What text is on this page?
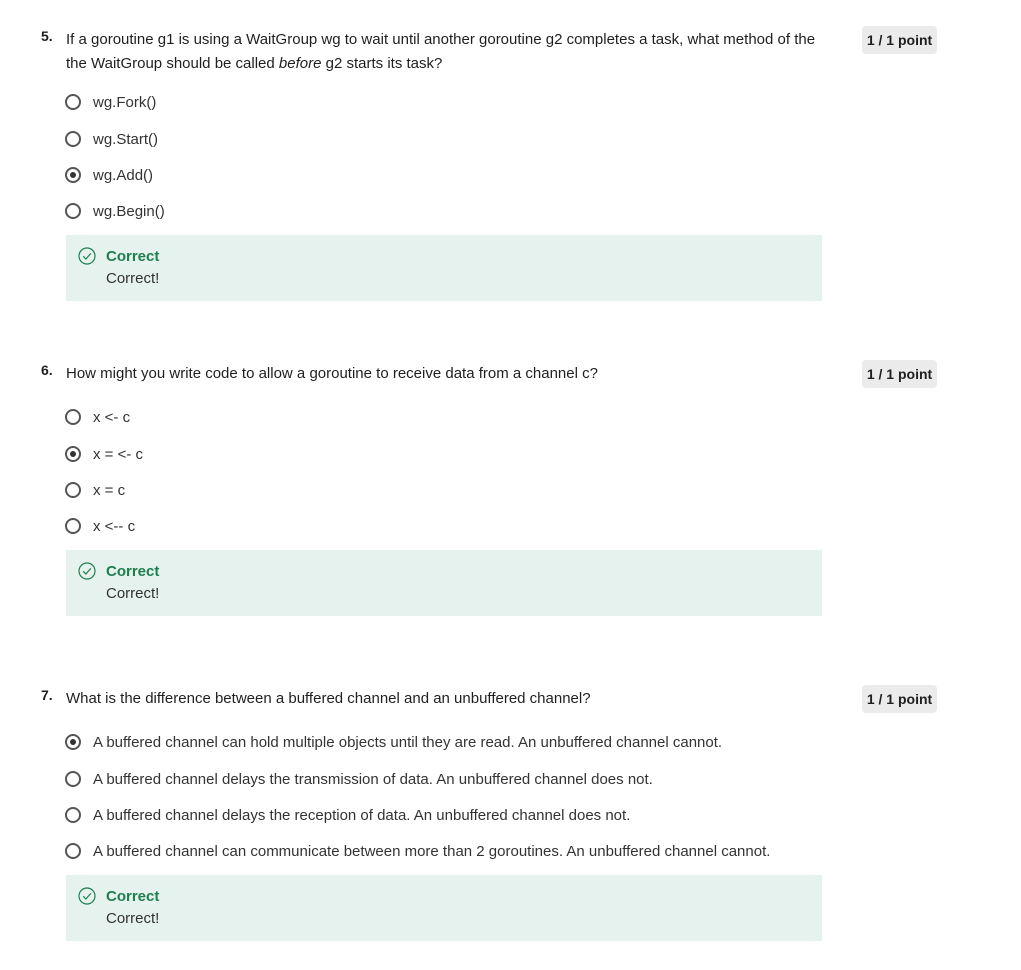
5. If a goroutine g1 is using a WaitGroup wg to wait until another goroutine g2 completes a task, what method of the the WaitGroup should be called before g2 starts its task?
1 / 1 point
wg.Fork()
wg.Start()
wg.Add()
wg.Begin()
Correct
Correct!
6. How might you write code to allow a goroutine to receive data from a channel c?	1 / 1 point
x <- c
x = <- c
x = c
x <-- c
Correct
Correct!
7. What is the difference between a buffered channel and an unbuffered channel?	1 / 1 point
A buffered channel can hold multiple objects until they are read. An unbuffered channel cannot.
A buffered channel delays the transmission of data. An unbuffered channel does not.
A buffered channel delays the reception of data. An unbuffered channel does not.
A buffered channel can communicate between more than 2 goroutines. An unbuffered channel cannot.
Correct
Correct!
